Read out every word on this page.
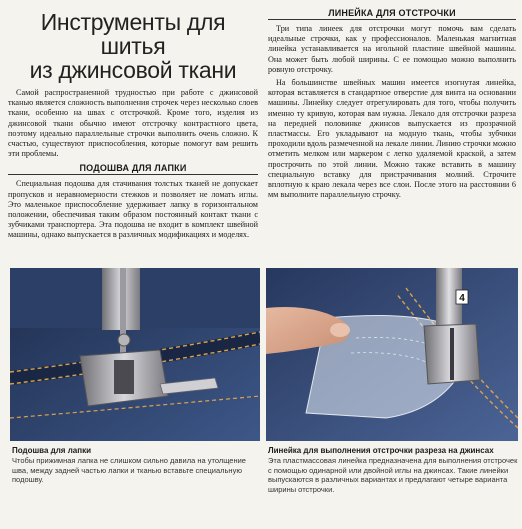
Инструменты для шитья
из джинсовой ткани

Самой распространенной трудностью при работе с джинсовой тканью является сложность выполнения строчек через несколько слоев ткани, особенно на швах с отстрочкой. Кроме того, изделия из джинсовой ткани обычно имеют отстрочку контрастного цвета, поэтому идеально параллельные строчки выполнить очень сложно. К счастью, существуют приспособления, которые помогут вам решить эти проблемы.

ПОДОШВА ДЛЯ ЛАПКИ

Специальная подошва для стачивания толстых тканей не допускает пропусков и неравномерности стежков и позволяет не ломать иглы. Это маленькое приспособление удерживает лапку в горизонтальном положении, обеспечивая таким образом постоянный контакт ткани с зубчиками транспортера. Эта подошва не входит в комплект швейной машины, однако выпускается в различных модификациях и моделях.

ЛИНЕЙКА ДЛЯ ОТСТРОЧКИ

Три типа линеек для отстрочки могут помочь вам сделать идеальные строчки, как у профессионалов. Маленькая магнитная линейка устанавливается на игольной пластине швейной машины. Она может быть любой ширины. С ее помощью можно выполнить ровную отстрочку.

На большинстве швейных машин имеется изогнутая линейка, которая вставляется в стандартное отверстие для винта на основании машины. Линейку следует отрегулировать для того, чтобы получить именно ту кривую, которая вам нужна. Лекало для отстрочки разреза на передней половинке джинсов выпускается из прозрачной пластмассы. Его укладывают на модную ткань, чтобы зубчики проходили вдоль размеченной на лекале линии. Линию строчки можно отметить мелком или маркером с легко удаляемой краской, а затем прострочить по этой линии. Можно также вставить в машину специальную вставку для пристрачивания молний. Строчите вплотную к краю лекала через все слои. После этого на расстоянии 6 мм выполните параллельную строчку.

4
Подошва для лапки
Чтобы прижимная лапка не слишком сильно давила на утолщение шва, между задней частью лапки и тканью вставьте специальную подошву.
Линейка для выполнения отстрочки разреза на джинсах
Эта пластмассовая линейка предназначена для выполнения отстрочек с помощью одинарной или двойной иглы на джинсах. Такие линейки выпускаются в различных вариантах и предлагают четыре варианта ширины отстрочки.
